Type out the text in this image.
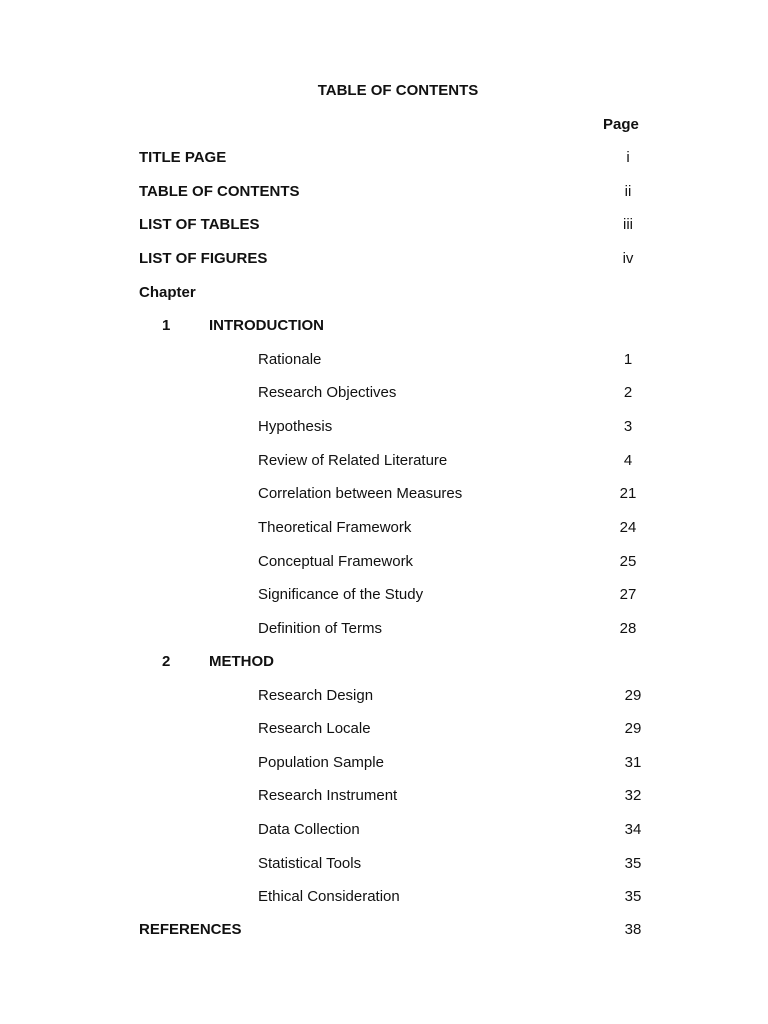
TABLE OF CONTENTS
Page
TITLE PAGE	i
TABLE OF CONTENTS	ii
LIST OF TABLES	iii
LIST OF FIGURES	iv
Chapter
1	INTRODUCTION
Rationale	1
Research Objectives	2
Hypothesis	3
Review of Related Literature	4
Correlation between Measures	21
Theoretical Framework	24
Conceptual Framework	25
Significance of the Study	27
Definition of Terms	28
2	METHOD
Research Design	29
Research Locale	29
Population Sample	31
Research Instrument	32
Data Collection	34
Statistical Tools	35
Ethical Consideration	35
REFERENCES	38
